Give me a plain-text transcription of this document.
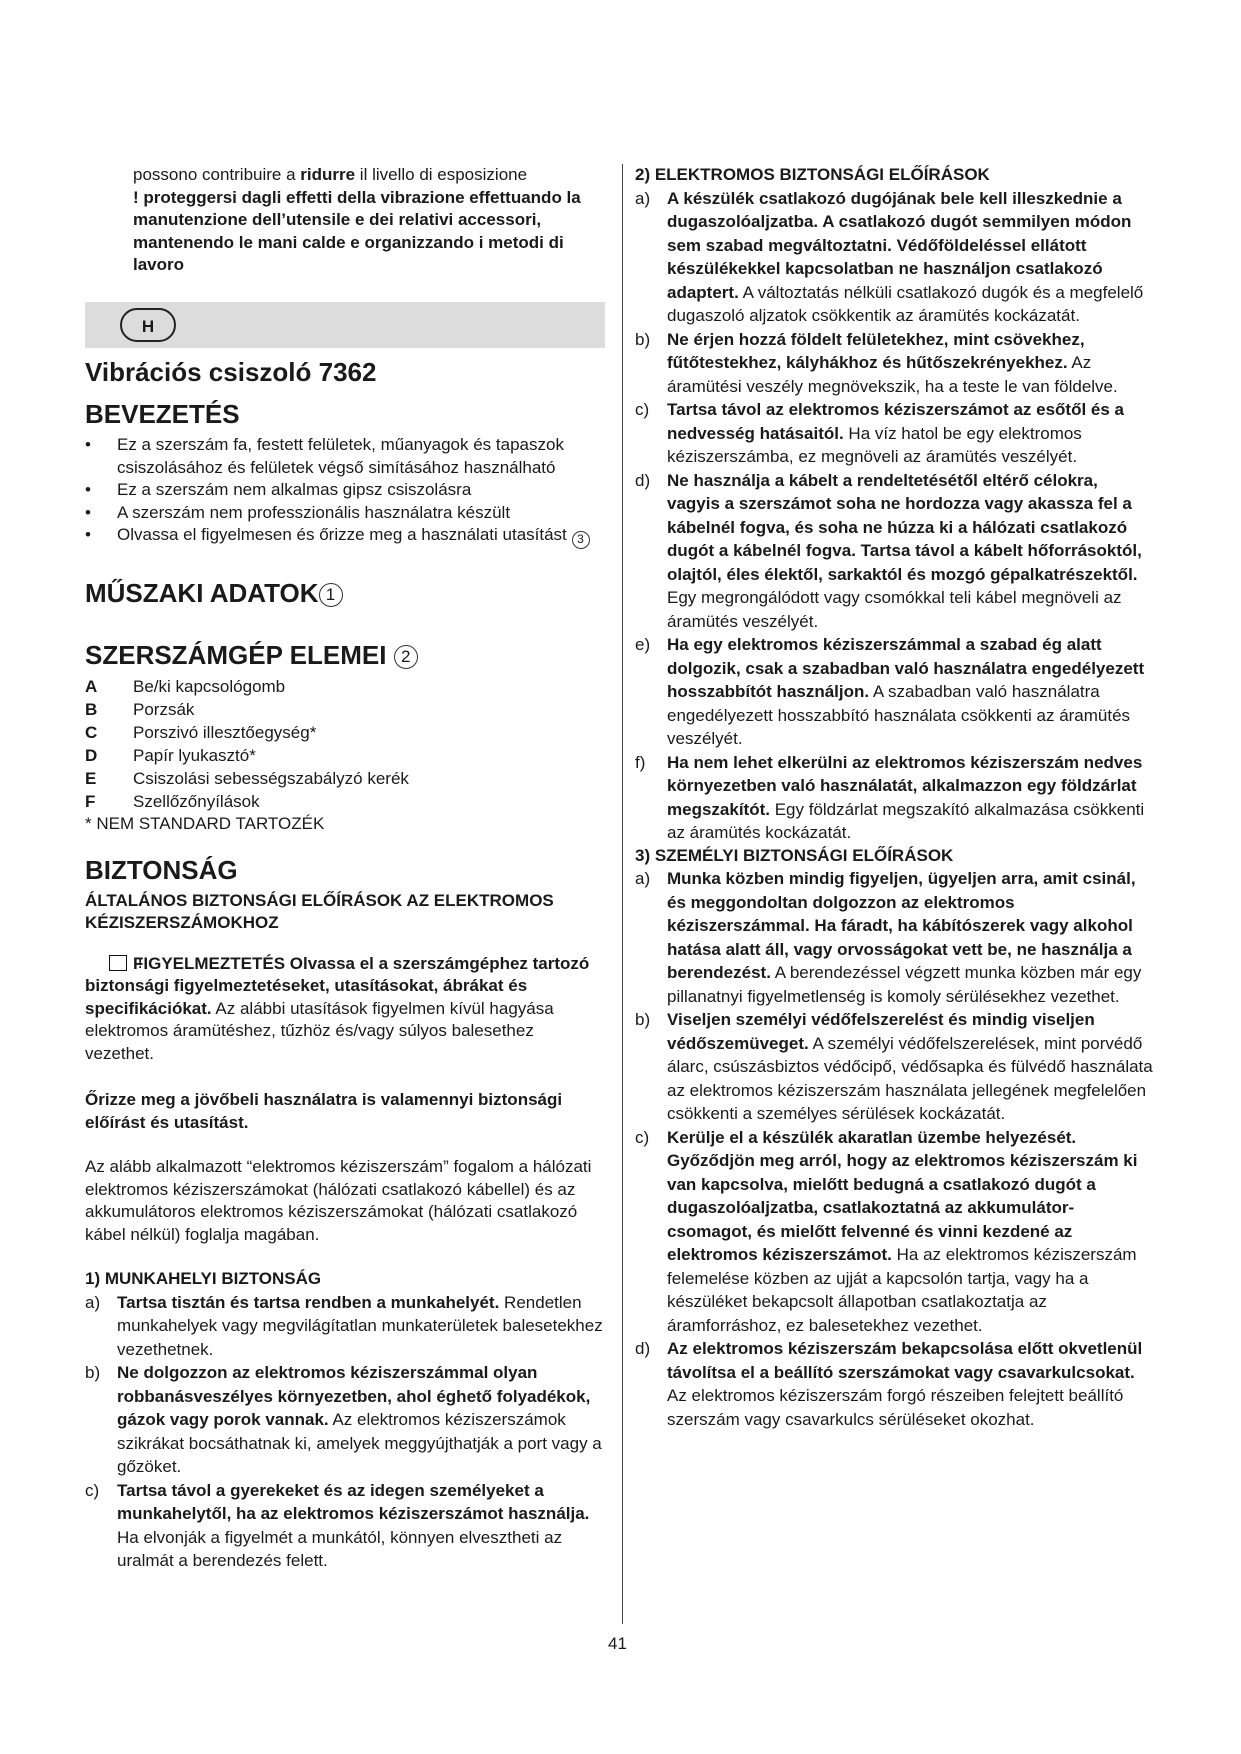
possono contribuire a ridurre il livello di esposizione
! proteggersi dagli effetti della vibrazione effettuando la manutenzione dell’utensile e dei relativi accessori, mantenendo le mani calde e organizzando i metodi di lavoro
H
Vibrációs csiszoló 7362
BEVEZETÉS
• Ez a szerszám fa, festett felületek, műanyagok és tapaszok csiszolásához és felületek végső simításához használható
• Ez a szerszám nem alkalmas gipsz csiszolásra
• A szerszám nem professzionális használatra készült
• Olvassa el figyelmesen és őrizze meg a használati utasítást 3
MŰSZAKI ADATOK 1
SZERSZÁMGÉP ELEMEI 2
A	Be/ki kapcsológomb
B	Porzsák
C	Porszivó illesztőegység*
D	Papír lyukasztó*
E	Csiszolási sebességszabályzó kerék
F	Szellőzőnyílások
* NEM STANDARD TARTOZÉK
BIZTONSÁG
ÁLTALÁNOS BIZTONSÁGI ELŐÍRÁSOK AZ ELEKTROMOS KÉZISZERSZÁMOKHOZ
!FIGYELMEZTETÉS Olvassa el a szerszámgéphez tartozó biztonsági figyelmeztetéseket, utasításokat, ábrákat és specifikációkat. Az alábbi utasítások figyelmen kívül hagyása elektromos áramütéshez, tűzhöz és/vagy súlyos balesethez vezethet.
Őrizze meg a jövőbeli használatra is valamennyi biztonsági előírást és utasítást.
Az alább alkalmazott “elektromos kéziszerszám” fogalom a hálózati elektromos kéziszerszámokat (hálózati csatlakozó kábellel) és az akkumulátoros elektromos kéziszerszámokat (hálózati csatlakozó kábel nélkül) foglalja magában.
1) MUNKAHELYI BIZTONSÁG
a) Tartsa tisztán és tartsa rendben a munkahelyét. Rendetlen munkahelyek vagy megvilágítatlan munkaterületek balesetekhez vezethetnek.
b) Ne dolgozzon az elektromos kéziszerszámmal olyan robbanásveszélyes környezetben, ahol éghető folyadékok, gázok vagy porok vannak. Az elektromos kéziszerszámok szikrákat bocsáthatnak ki, amelyek meggyújthatják a port vagy a gőzöket.
c) Tartsa távol a gyerekeket és az idegen személyeket a munkahelytől, ha az elektromos kéziszerszámot használja. Ha elvonják a figyelmét a munkától, könnyen elvesztheti az uralmát a berendezés felett.
2) ELEKTROMOS BIZTONSÁGI ELŐÍRÁSOK
a) A készülék csatlakozó dugójának bele kell illeszkednie a dugaszolóaljzatba. A csatlakozó dugót semmilyen módon sem szabad megváltoztatni. Védőföldeléssel ellátott készülékekkel kapcsolatban ne használjon csatlakozó adaptert. A változtatás nélküli csatlakozó dugók és a megfelelő dugaszoló aljzatok csökkentik az áramütés kockázatát.
b) Ne érjen hozzá földelt felületekhez, mint csövekhez, fűtőtestekhez, kályhákhoz és hűtőszekrényekhez. Az áramütési veszély megnövekszik, ha a teste le van földelve.
c) Tartsa távol az elektromos kéziszerszámot az esőtől és a nedvesség hatásaitól. Ha víz hatol be egy elektromos kéziszerszámba, ez megnöveli az áramütés veszélyét.
d) Ne használja a kábelt a rendeltetésétől eltérő célokra, vagyis a szerszámot soha ne hordozza vagy akassza fel a kábelnél fogva, és soha ne húzza ki a hálózati csatlakozó dugót a kábelnél fogva. Tartsa távol a kábelt hőforrásoktól, olajtól, éles élektől, sarkaktól és mozgó gépalkatrészektől. Egy megrongálódott vagy csomókkal teli kábel megnöveli az áramütés veszélyét.
e) Ha egy elektromos kéziszerszámmal a szabad ég alatt dolgozik, csak a szabadban való használatra engedélyezett hosszabbítót használjon. A szabadban való használatra engedélyezett hosszabbító használata csökkenti az áramütés veszélyét.
f) Ha nem lehet elkerülni az elektromos kéziszerszám nedves környezetben való használatát, alkalmazzon egy földzárlat megszakítót. Egy földzárlat megszakító alkalmazása csökkenti az áramütés kockázatát.
3) SZEMÉLYI BIZTONSÁGI ELŐÍRÁSOK
a) Munka közben mindig figyeljen, ügyeljen arra, amit csinál, és meggondoltan dolgozzon az elektromos kéziszerszámmal. Ha fáradt, ha kábítószerek vagy alkohol hatása alatt áll, vagy orvosságokat vett be, ne használja a berendezést. A berendezéssel végzett munka közben már egy pillanatnyi figyelmetlenség is komoly sérülésekhez vezethet.
b) Viseljen személyi védőfelszerelést és mindig viseljen védőszemüveget. A személyi védőfelszerelések, mint porvédő álarc, csúszásbiztos védőcipő, védősapka és fülvédő használata az elektromos kéziszerszám használata jellegének megfelelően csökkenti a személyes sérülések kockázatát.
c) Kerülje el a készülék akaratlan üzembe helyezését. Győződjön meg arról, hogy az elektromos kéziszerszám ki van kapcsolva, mielőtt bedugná a csatlakozó dugót a dugaszolóaljzatba, csatlakoztatná az akkumulátor-csomagot, és mielőtt felvenné és vinni kezdené az elektromos kéziszerszámot. Ha az elektromos kéziszerszám felemelése közben az ujját a kapcsolón tartja, vagy ha a készüléket bekapcsolt állapotban csatlakoztatja az áramforráshoz, ez balesetekhez vezethet.
d) Az elektromos kéziszerszám bekapcsolása előtt okvetlenül távolítsa el a beállító szerszámokat vagy csavarkulcsokat. Az elektromos kéziszerszám forgó részeiben felejtett beállító szerszám vagy csavarkulcs sérüléseket okozhat.
41
